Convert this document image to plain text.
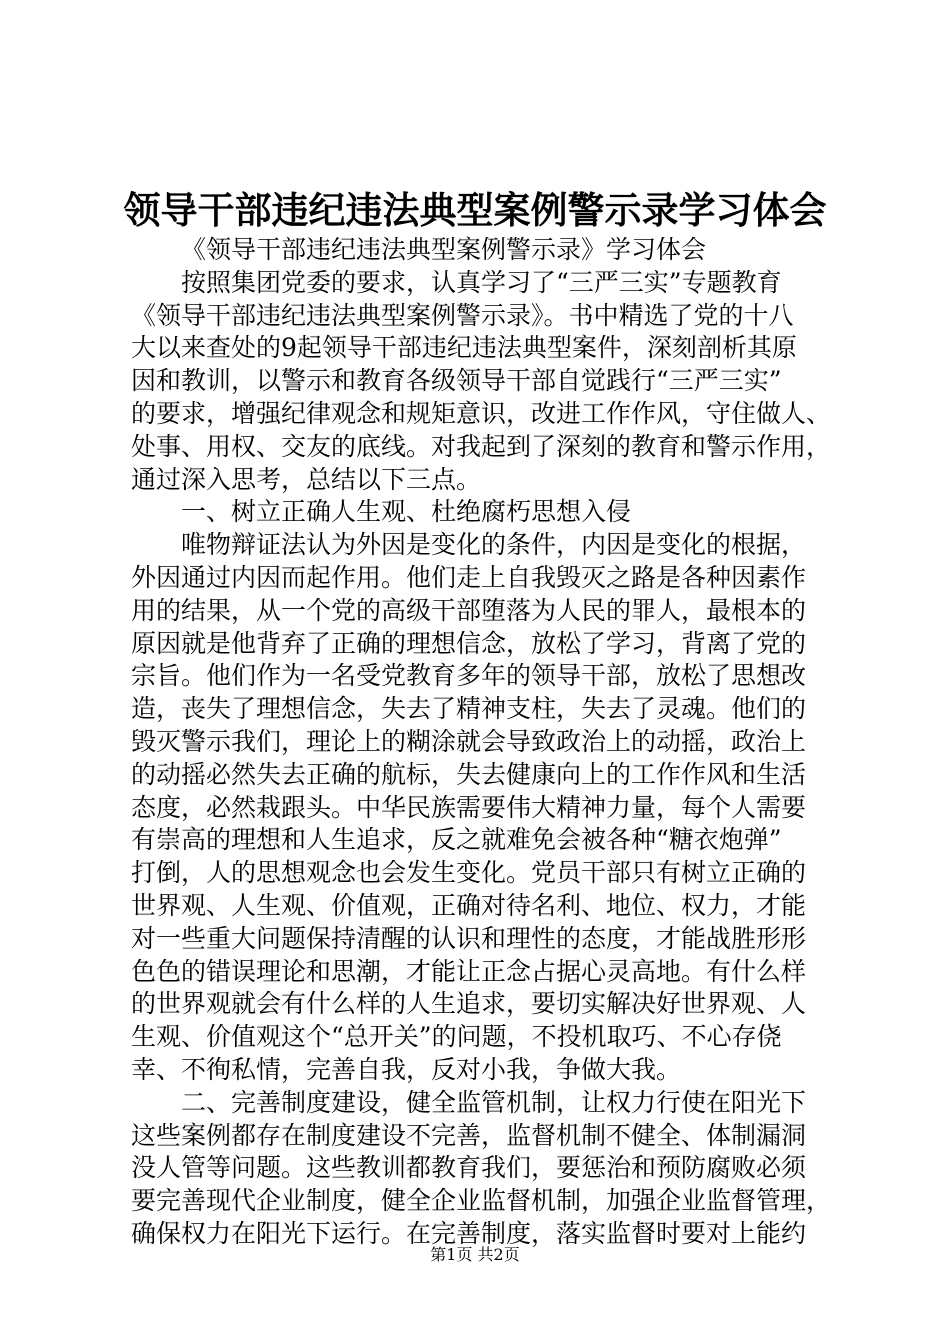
领导干部违纪违法典型案例警示录学习体会
《领导干部违纪违法典型案例警示录》学习体会
按照集团党委的要求，认真学习了“三严三实”专题教育
《领导干部违纪违法典型案例警示录》。书中精选了党的十八
大以来查处的9起领导干部违纪违法典型案件，深刻剖析其原
因和教训，以警示和教育各级领导干部自觉践行“三严三实”
的要求，增强纪律观念和规矩意识，改进工作作风，守住做人、
处事、用权、交友的底线。对我起到了深刻的教育和警示作用，
通过深入思考，总结以下三点。
一、树立正确人生观、杜绝腐朽思想入侵
唯物辩证法认为外因是变化的条件，内因是变化的根据，
外因通过内因而起作用。他们走上自我毁灭之路是各种因素作
用的结果，从一个党的高级干部堕落为人民的罪人，最根本的
原因就是他背弃了正确的理想信念，放松了学习，背离了党的
宗旨。他们作为一名受党教育多年的领导干部，放松了思想改
造，丧失了理想信念，失去了精神支柱，失去了灵魂。他们的
毁灭警示我们，理论上的糊涂就会导致政治上的动摇，政治上
的动摇必然失去正确的航标，失去健康向上的工作作风和生活
态度，必然栽跟头。中华民族需要伟大精神力量，每个人需要
有崇高的理想和人生追求，反之就难免会被各种“糖衣炮弹”
打倒，人的思想观念也会发生变化。党员干部只有树立正确的
世界观、人生观、价值观，正确对待名利、地位、权力，才能
对一些重大问题保持清醒的认识和理性的态度，才能战胜形形
色色的错误理论和思潮，才能让正念占据心灵高地。有什么样
的世界观就会有什么样的人生追求，要切实解决好世界观、人
生观、价值观这个“总开关”的问题，不投机取巧、不心存侥
幸、不徇私情，完善自我，反对小我，争做大我。
二、完善制度建设，健全监管机制，让权力行使在阳光下
这些案例都存在制度建设不完善，监督机制不健全、体制漏洞
没人管等问题。这些教训都教育我们，要惩治和预防腐败必须
要完善现代企业制度，健全企业监督机制，加强企业监督管理，
确保权力在阳光下运行。在完善制度，落实监督时要对上能约
第1页 共2页
